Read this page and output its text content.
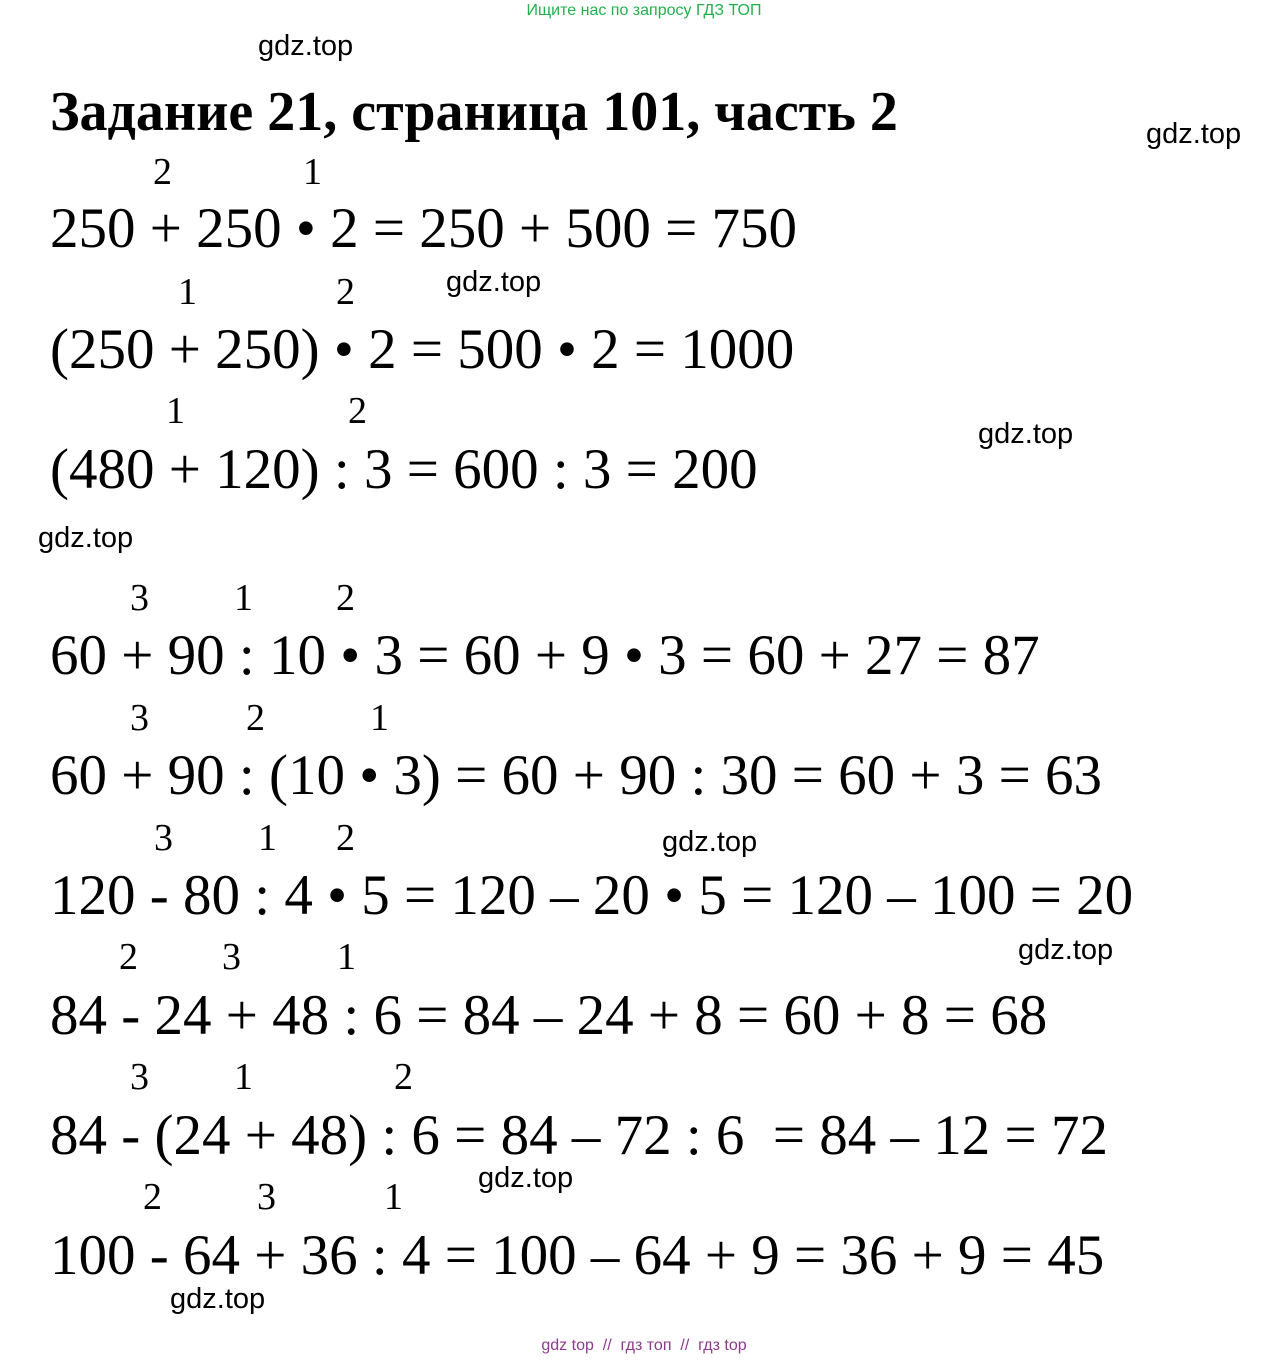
Ищите нас по запросу ГДЗ ТОП
gdz.top
Задание 21, страница 101, часть 2	gdz.top
2	1
250 + 250 • 2 = 250 + 500 = 750
1	2	gdz.top
(250 + 250) • 2 = 500 • 2 = 1000
1	2
gdz.top
(480 + 120) : 3 = 600 : 3 = 200
gdz.top
3 1 2
60 + 90 : 10 • 3 = 60 + 9 • 3 = 60 + 27 = 87
3	2	1
60 + 90 : (10 • 3) = 60 + 90 : 30 = 60 + 3 = 63
3 1 2	gdz.top
120 - 80 : 4 • 5 = 120 – 20 • 5 = 120 – 100 = 20
2 3	1	gdz.top
84 - 24 + 48 : 6 = 84 – 24 + 8 = 60 + 8 = 68
3 1	2
84 - (24 + 48) : 6 = 84 – 72 : 6  = 84 – 12 = 72
gdz.top
2	3	1
100 - 64 + 36 : 4 = 100 – 64 + 9 = 36 + 9 = 45
gdz.top
gdz top  //  гдз топ  //  гдз top
